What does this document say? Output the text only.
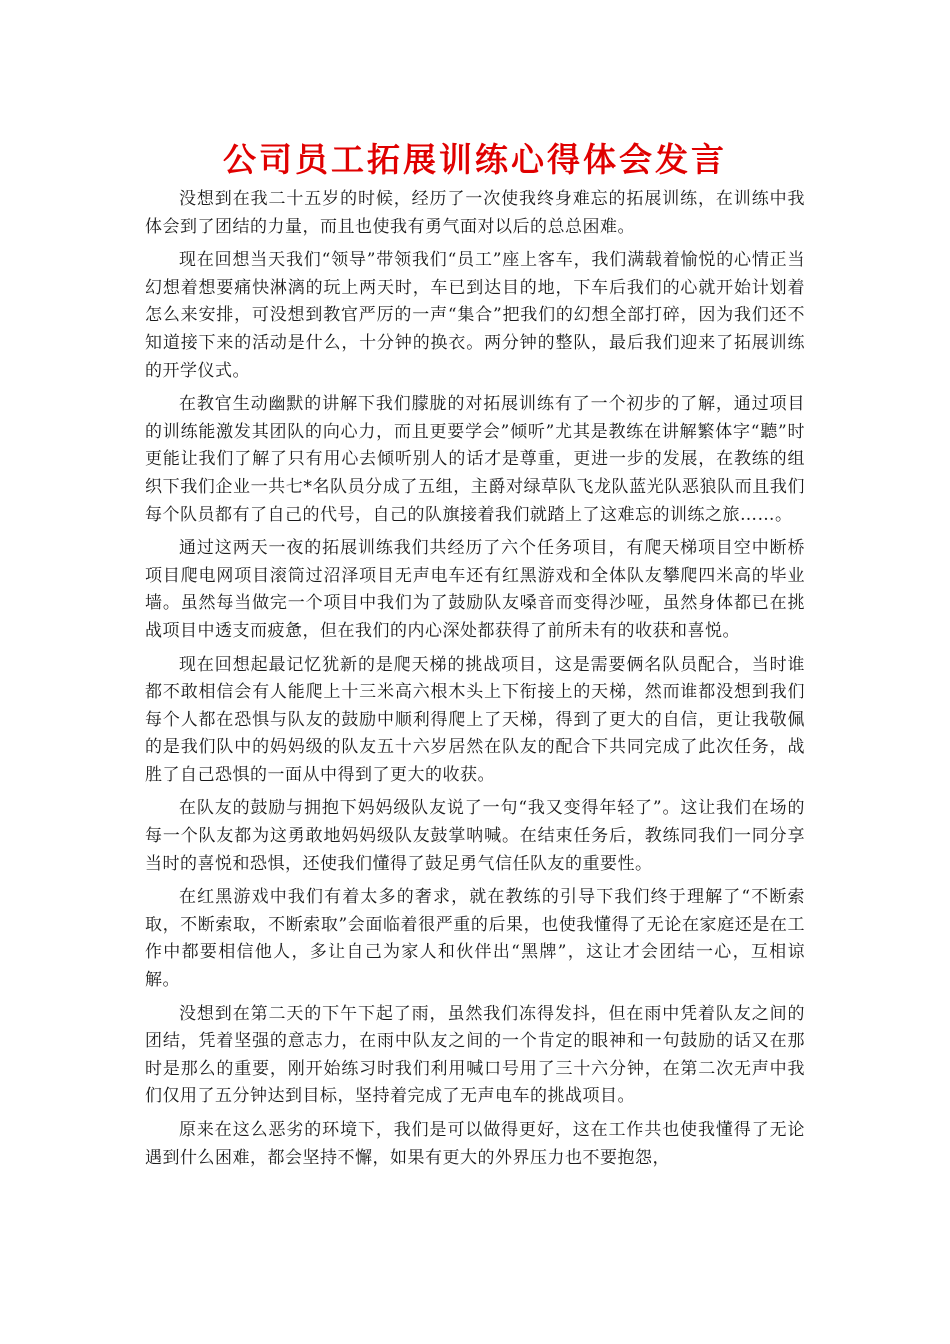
公司员工拓展训练心得体会发言

没想到在我二十五岁的时候，经历了一次使我终身难忘的拓展训练，在训练中我体会到了团结的力量，而且也使我有勇气面对以后的总总困难。

现在回想当天我们“领导”带领我们“员工”座上客车，我们满载着愉悦的心情正当幻想着想要痛快淋漓的玩上两天时，车已到达目的地，下车后我们的心就开始计划着怎么来安排，可没想到教官严厉的一声“集合”把我们的幻想全部打碎，因为我们还不知道接下来的活动是什么，十分钟的换衣。两分钟的整队，最后我们迎来了拓展训练的开学仪式。

在教官生动幽默的讲解下我们朦胧的对拓展训练有了一个初步的了解，通过项目的训练能激发其团队的向心力，而且更要学会”倾听”尤其是教练在讲解繁体字“聽”时更能让我们了解了只有用心去倾听别人的话才是尊重，更进一步的发展，在教练的组织下我们企业一共七*名队员分成了五组，主爵对绿草队飞龙队蓝光队恶狼队而且我们每个队员都有了自己的代号，自己的队旗接着我们就踏上了这难忘的训练之旅……。

通过这两天一夜的拓展训练我们共经历了六个任务项目，有爬天梯项目空中断桥项目爬电网项目滚筒过沼泽项目无声电车还有红黑游戏和全体队友攀爬四米高的毕业墙。虽然每当做完一个项目中我们为了鼓励队友嗓音而变得沙哑，虽然身体都已在挑战项目中透支而疲惫，但在我们的内心深处都获得了前所未有的收获和喜悦。

现在回想起最记忆犹新的是爬天梯的挑战项目，这是需要俩名队员配合，当时谁都不敢相信会有人能爬上十三米高六根木头上下衔接上的天梯，然而谁都没想到我们每个人都在恐惧与队友的鼓励中顺利得爬上了天梯，得到了更大的自信，更让我敬佩的是我们队中的妈妈级的队友五十六岁居然在队友的配合下共同完成了此次任务，战胜了自己恐惧的一面从中得到了更大的收获。

在队友的鼓励与拥抱下妈妈级队友说了一句“我又变得年轻了”。这让我们在场的每一个队友都为这勇敢地妈妈级队友鼓掌呐喊。在结束任务后，教练同我们一同分享当时的喜悦和恐惧，还使我们懂得了鼓足勇气信任队友的重要性。

在红黑游戏中我们有着太多的奢求，就在教练的引导下我们终于理解了“不断索取，不断索取，不断索取”会面临着很严重的后果，也使我懂得了无论在家庭还是在工作中都要相信他人，多让自己为家人和伙伴出“黑牌”，这让才会团结一心，互相谅解。

没想到在第二天的下午下起了雨，虽然我们冻得发抖，但在雨中凭着队友之间的团结，凭着坚强的意志力，在雨中队友之间的一个肯定的眼神和一句鼓励的话又在那时是那么的重要，刚开始练习时我们利用喊口号用了三十六分钟，在第二次无声中我们仅用了五分钟达到目标，坚持着完成了无声电车的挑战项目。

原来在这么恶劣的环境下，我们是可以做得更好，这在工作共也使我懂得了无论遇到什么困难，都会坚持不懈，如果有更大的外界压力也不要抱怨，
